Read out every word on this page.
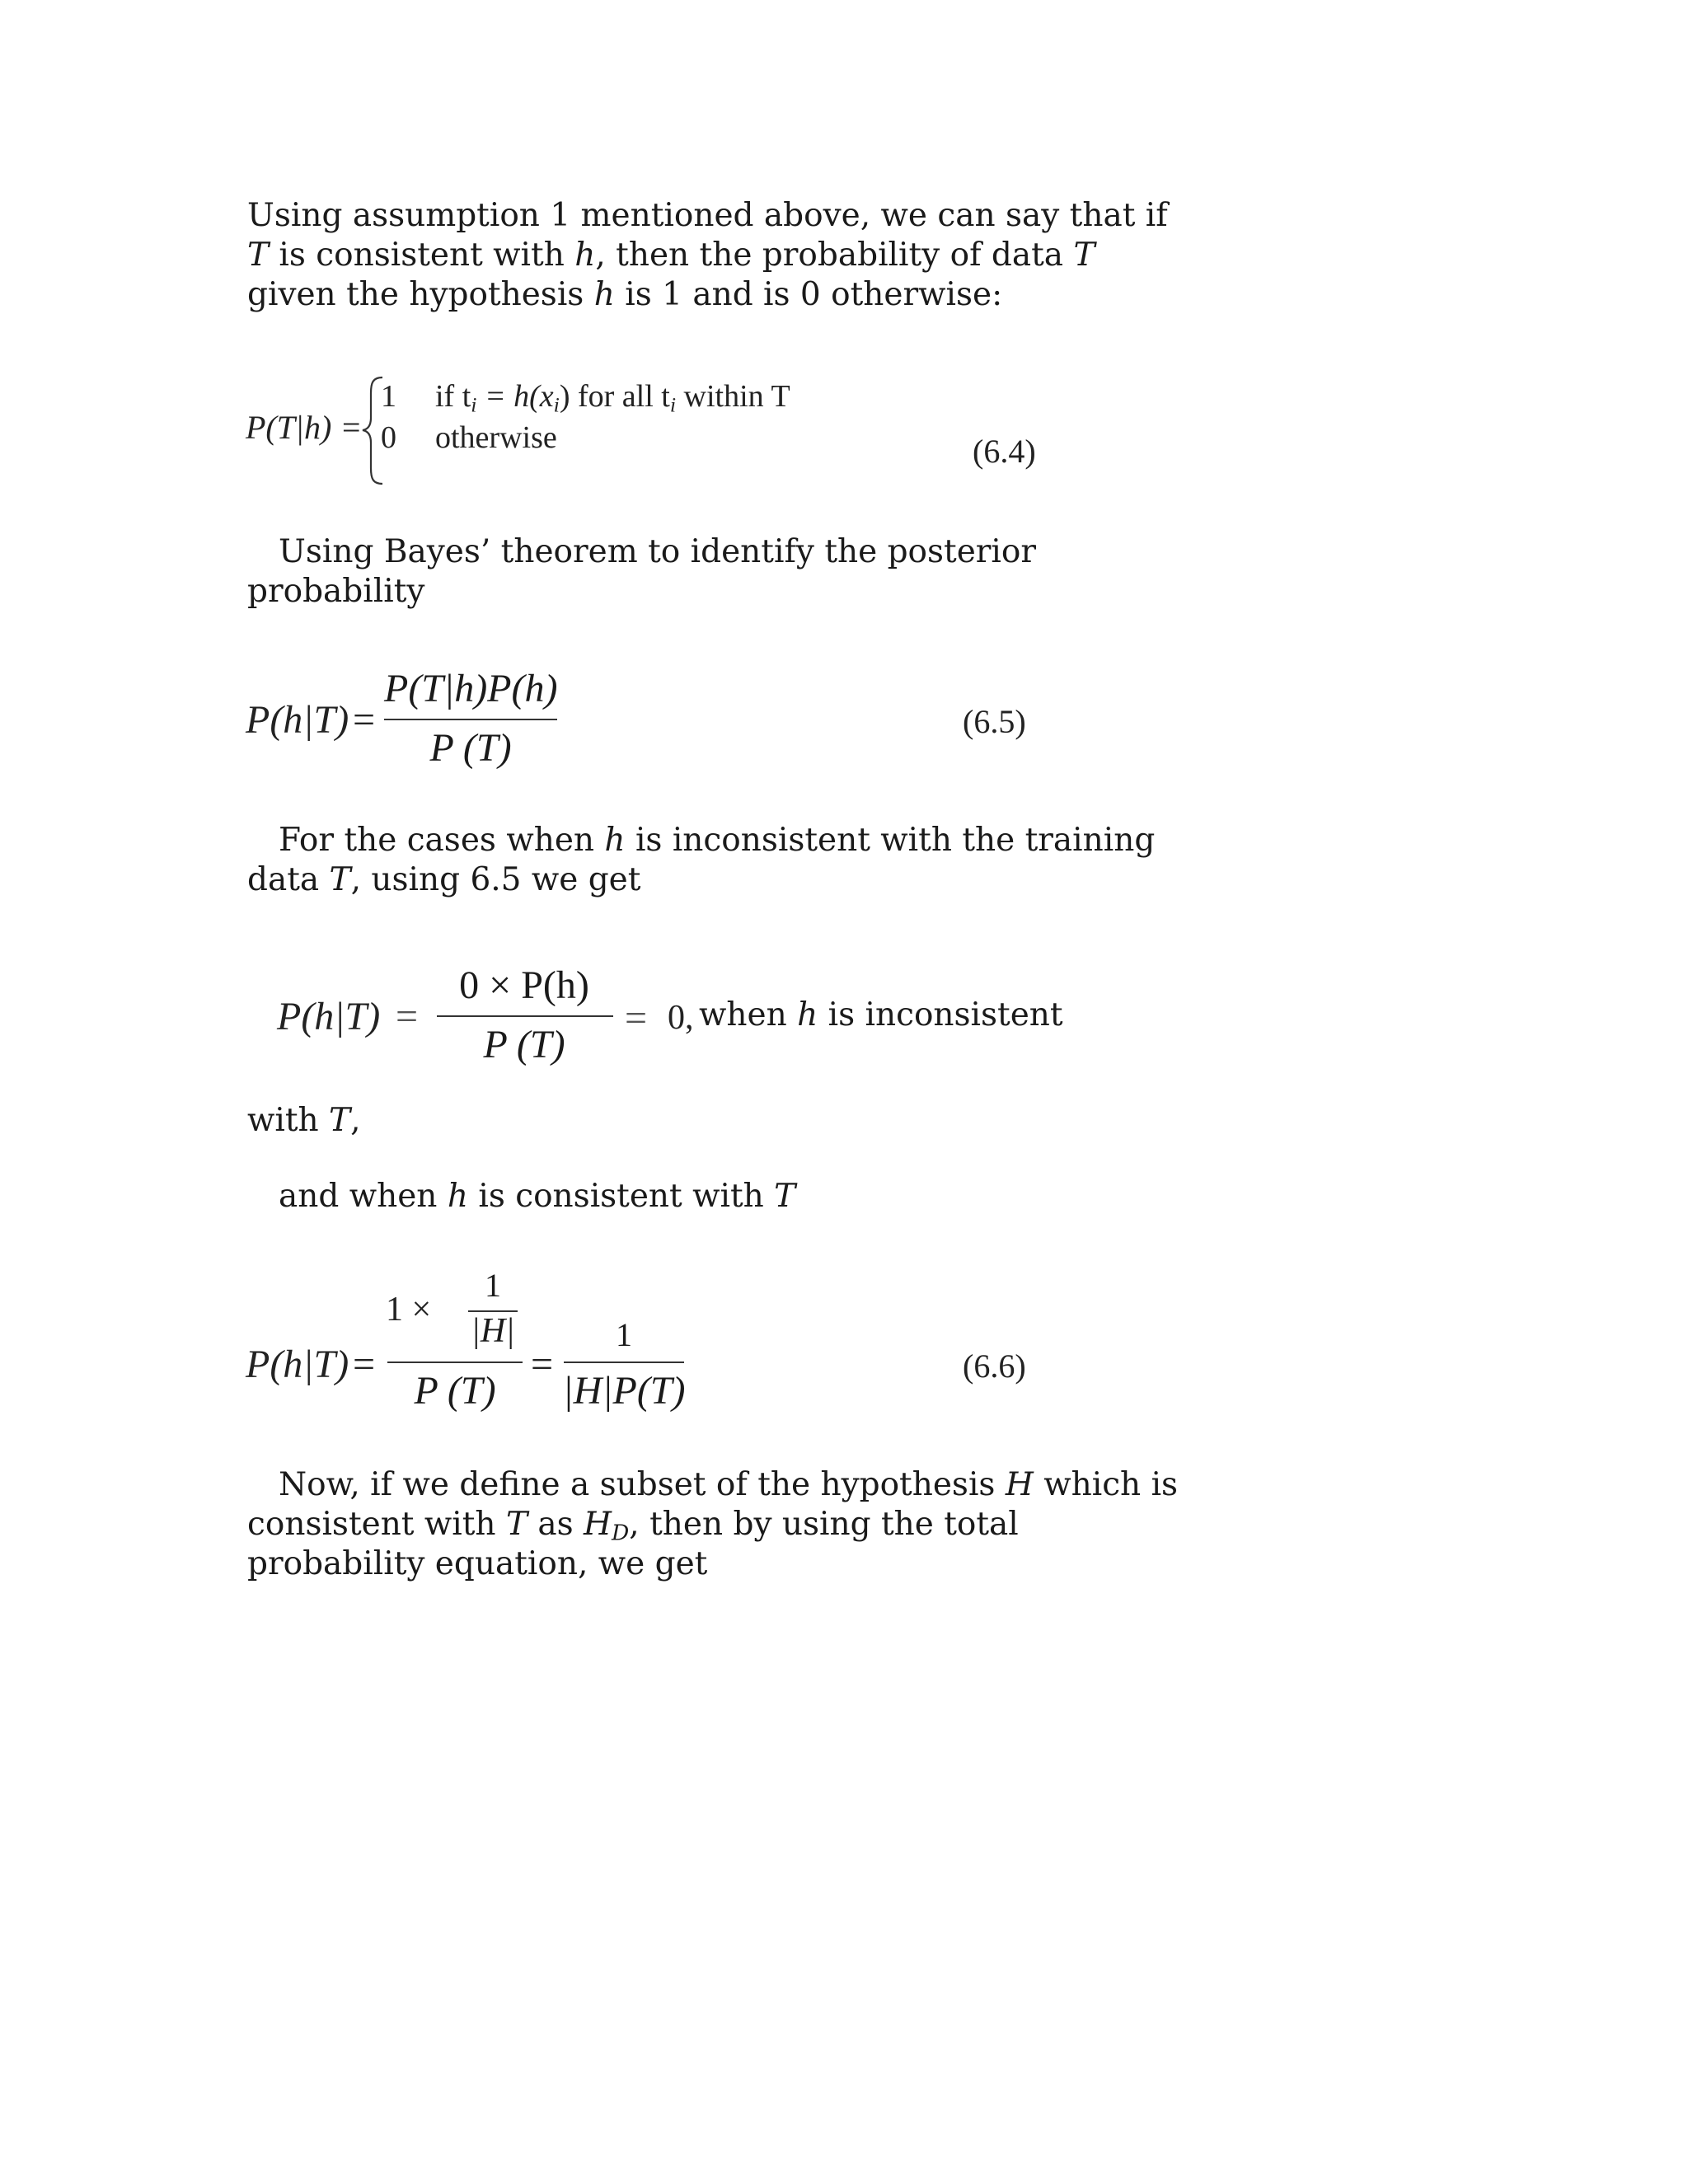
Using assumption 1 mentioned above, we can say that if
T is consistent with h, then the probability of data T
given the hypothesis h is 1 and is 0 otherwise:
P(T|h) =
1 if $t_i = h(x_i)$ for all $t_i$ within T
0 otherwise	(6.4)
Using Bayes’ theorem to identify the posterior
probability
P(h|T) =
P(T|h)P(h)
P (T)
(6.5)
For the cases when h is inconsistent with the training
data T, using 6.5 we get
P(h|T) =
0 × P(h)
P (T)
= 0, when h is inconsistent
with T,
and when h is consistent with T
P(h|T) =
1 ×
1
|H|
P (T)
=
1
|H|P(T)
(6.6)
Now, if we define a subset of the hypothesis H which is
consistent with T as $H_D$, then by using the total
probability equation, we get
